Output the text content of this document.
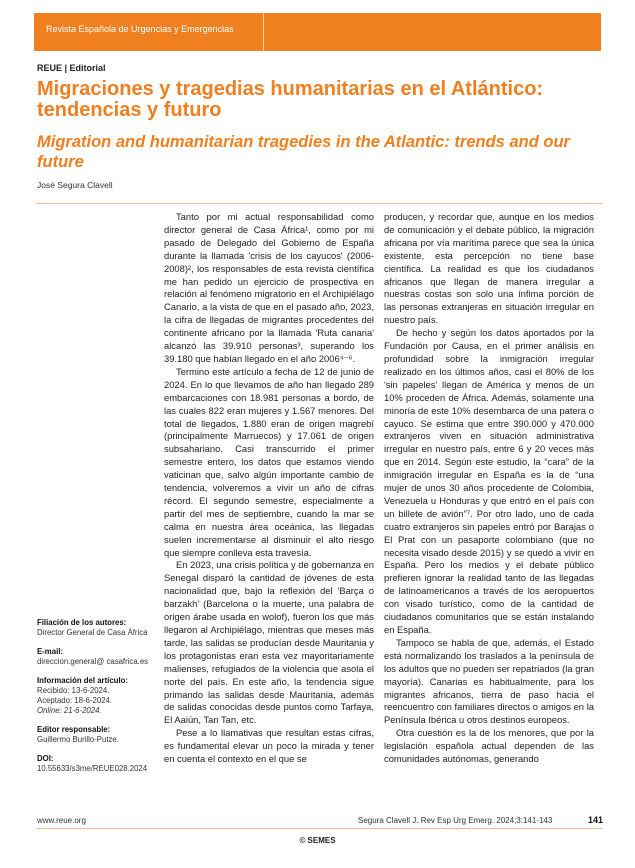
Revista Española de Urgencias y Emergencias
REUE | Editorial
Migraciones y tragedias humanitarias en el Atlántico: tendencias y futuro
Migration and humanitarian tragedies in the Atlantic: trends and our future
José Segura Clavell

Tanto por mi actual responsabilidad como director general de Casa África¹, como por mi pasado de Delegado del Gobierno de España durante la llamada 'crisis de los cayucos' (2006-2008)², los responsables de esta revista científica me han pedido un ejercicio de prospectiva en relación al fenómeno migratorio en el Archipiélago Canario, a la vista de que en el pasado año, 2023, la cifra de llegadas de migrantes procedentes del continente africano por la llamada 'Ruta canaria' alcanzó las 39.910 personas³, superando los 39.180 que habían llegado en el año 2006⁴⁻⁶.

Termino este artículo a fecha de 12 de junio de 2024. En lo que llevamos de año han llegado 289 embarcaciones con 18.981 personas a bordo, de las cuales 822 eran mujeres y 1.567 menores. Del total de llegados, 1.880 eran de origen magrebí (principalmente Marruecos) y 17.061 de origen subsahariano. Casi transcurrido el primer semestre entero, los datos que estamos viendo vaticinan que, salvo algún importante cambio de tendencia, volveremos a vivir un año de cifras récord. El segundo semestre, especialmente a partir del mes de septiembre, cuando la mar se calma en nuestra área oceánica, las llegadas suelen incrementarse al disminuir el alto riesgo que siempre conlleva esta travesía.

En 2023, una crisis política y de gobernanza en Senegal disparó la cantidad de jóvenes de esta nacionalidad que, bajo la reflexión del 'Barça o barzakh' (Barcelona o la muerte, una palabra de origen árabe usada en wolof), fueron los que más llegaron al Archipiélago, mientras que meses más tarde, las salidas se producían desde Mauritania y los protagonistas eran esta vez mayoritariamente malienses, refugiados de la violencia que asola el norte del país. En este año, la tendencia sigue primando las salidas desde Mauritania, además de salidas conocidas desde puntos como Tarfaya, El Aaiún, Tan Tan, etc.

Pese a lo llamativas que resultan estas cifras, es fundamental elevar un poco la mirada y tener en cuenta el contexto en el que se

producen, y recordar que, aunque en los medios de comunicación y el debate público, la migración africana por vía marítima parece que sea la única existente, esta percepción no tiene base científica. La realidad es que los ciudadanos africanos que llegan de manera irregular a nuestras costas son solo una ínfima porción de las personas extranjeras en situación irregular en nuestro país.

De hecho y según los datos aportados por la Fundación por Causa, en el primer análisis en profundidad sobre la inmigración irregular realizado en los últimos años, casi el 80% de los 'sin papeles' llegan de América y menos de un 10% proceden de África. Además, solamente una minoría de este 10% desembarca de una patera o cayuco. Se estima que entre 390.000 y 470.000 extranjeros viven en situación administrativa irregular en nuestro país, entre 6 y 20 veces más que en 2014. Según este estudio, la “cara” de la inmigración irregular en España es la de “una mujer de unos 30 años procedente de Colombia, Venezuela u Honduras y que entró en el país con un billete de avión”⁷. Por otro lado, uno de cada cuatro extranjeros sin papeles entró por Barajas o El Prat con un pasaporte colombiano (que no necesita visado desde 2015) y se quedó a vivir en España. Pero los medios y el debate público prefieren ignorar la realidad tanto de las llegadas de latinoamericanos a través de los aeropuertos con visado turístico, como de la cantidad de ciudadanos comunitarios que se están instalando en España.

Tampoco se habla de que, además, el Estado está normalizando los traslados a la península de los adultos que no pueden ser repatriados (la gran mayoría). Canarias es habitualmente, para los migrantes africanos, tierra de paso hacia el reencuentro con familiares directos o amigos en la Península Ibérica u otros destinos europeos.

Otra cuestión es la de los menores, que por la legislación española actual dependen de las comunidades autónomas, generando

Filiación de los autores:
Director General de Casa África
E-mail:
direccion.general@ casafrica.es
Información del artículo:
Recibido: 13-6-2024.
Aceptado: 18-6-2024.
Online: 21-6-2024.
Editor responsable:
Guillermo Burillo-Putze.
DOI:
10.55633/s3me/REUE028.2024
www.reue.org	Segura Clavell J. Rev Esp Urg Emerg. 2024;3:141-143	141
© SEMES
